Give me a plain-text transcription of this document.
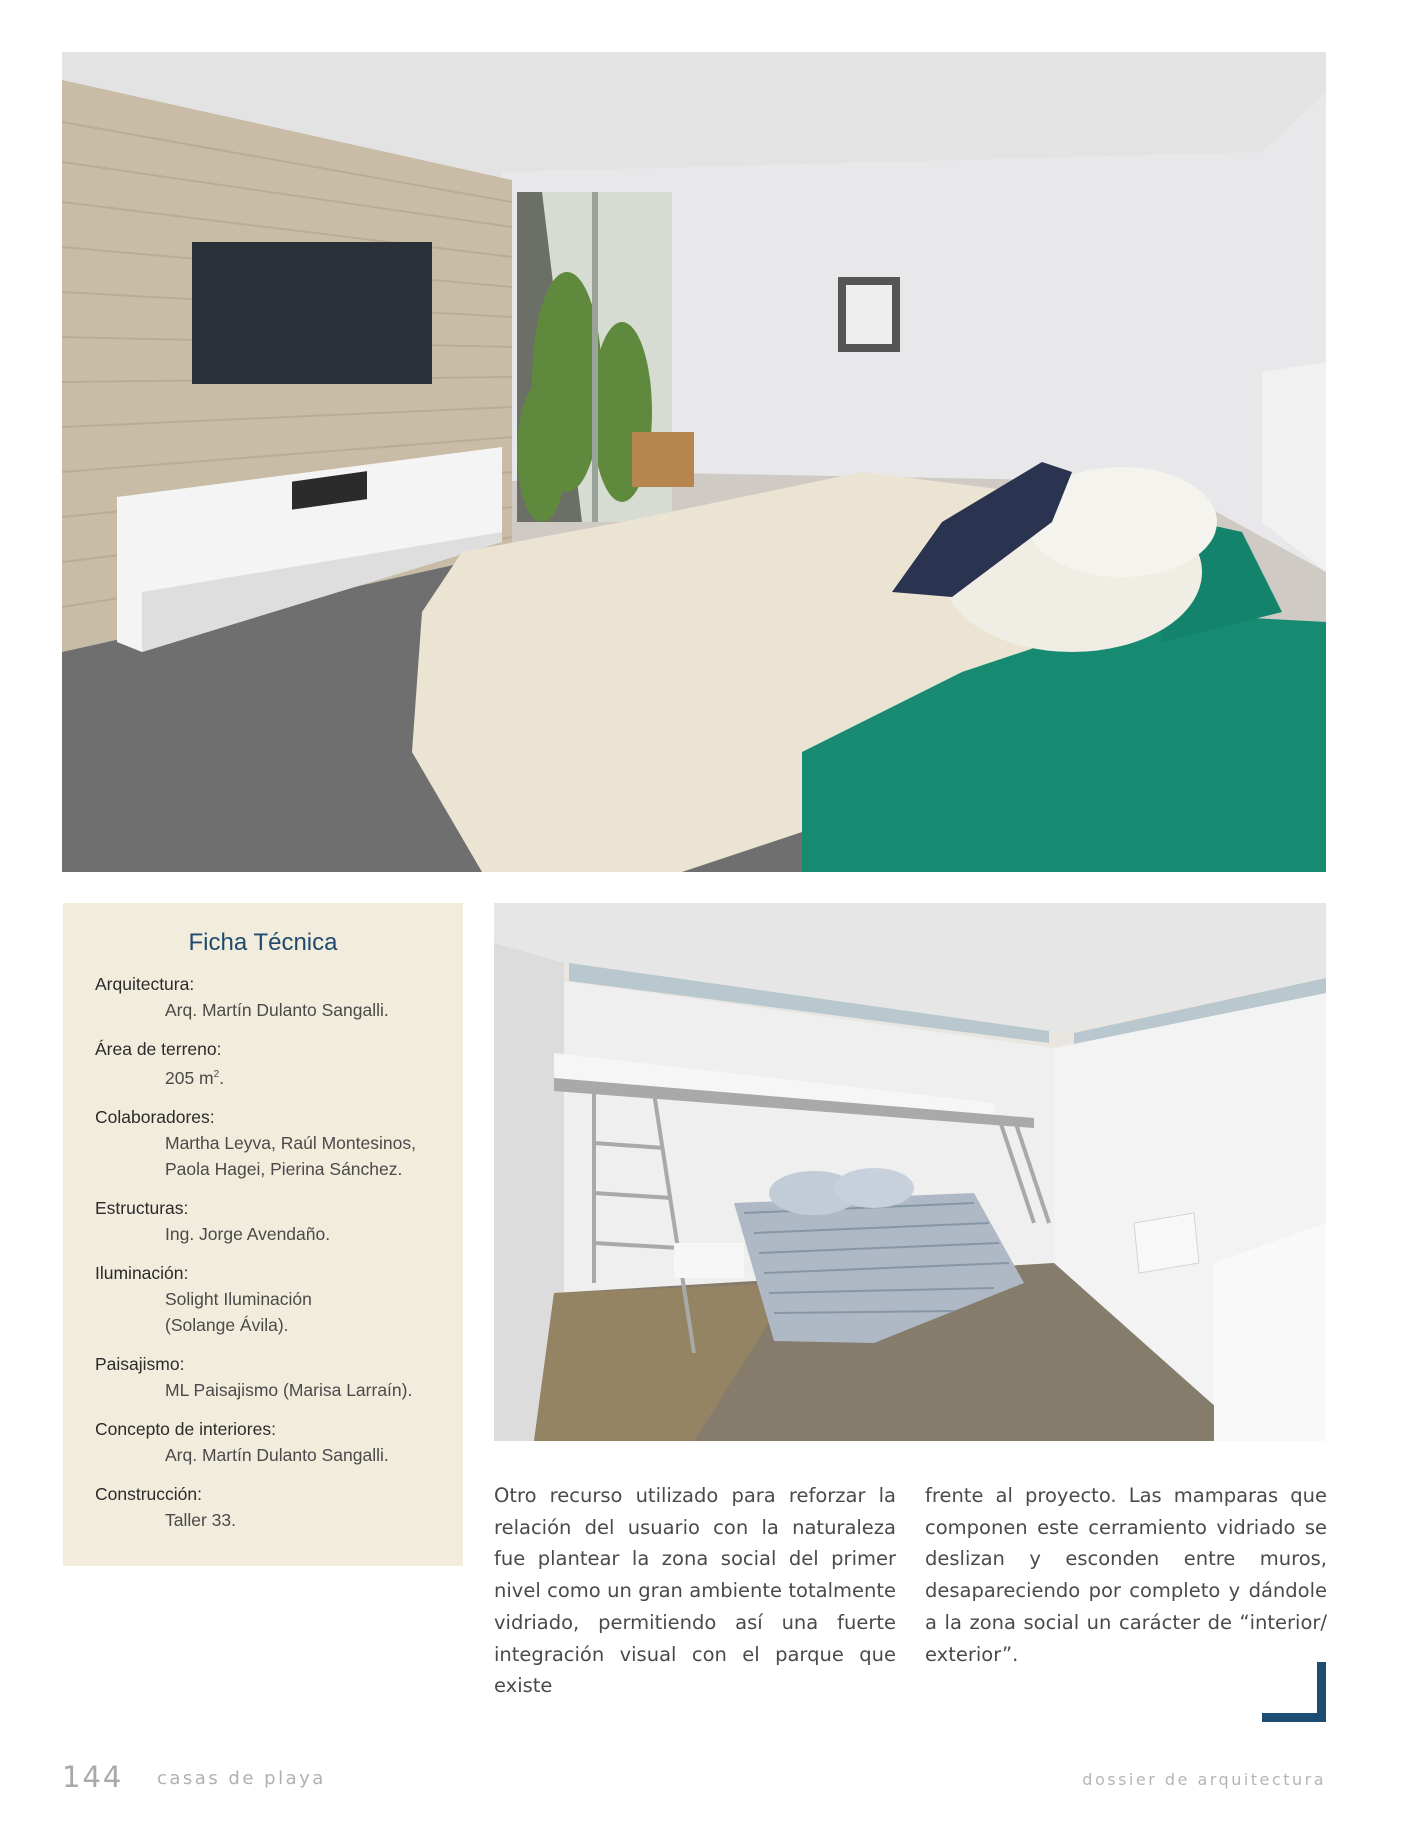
Ficha Técnica
Arquitectura:
Arq. Martín Dulanto Sangalli.
Área de terreno:
205 $m^2$.
Colaboradores:
Martha Leyva, Raúl Montesinos,
Paola Hagei, Pierina Sánchez.
Estructuras:
Ing. Jorge Avendaño.
Iluminación:
Solight Iluminación
(Solange Ávila).
Paisajismo:
ML Paisajismo (Marisa Larraín).
Concepto de interiores:
Arq. Martín Dulanto Sangalli.
Construcción:
Taller 33.
Otro recurso utilizado para reforzar la relación del usuario con la naturaleza fue plantear la zona social del primer nivel como un gran ambiente totalmente vidriado, permitiendo así una fuerte integración visual con el parque que existe
frente al proyecto. Las mamparas que componen este cerramiento vidriado se deslizan y esconden entre muros, desapareciendo por completo y dándole a la zona social un carácter de “interior/ exterior”.
144 casas de playa	dossier de arquitectura
